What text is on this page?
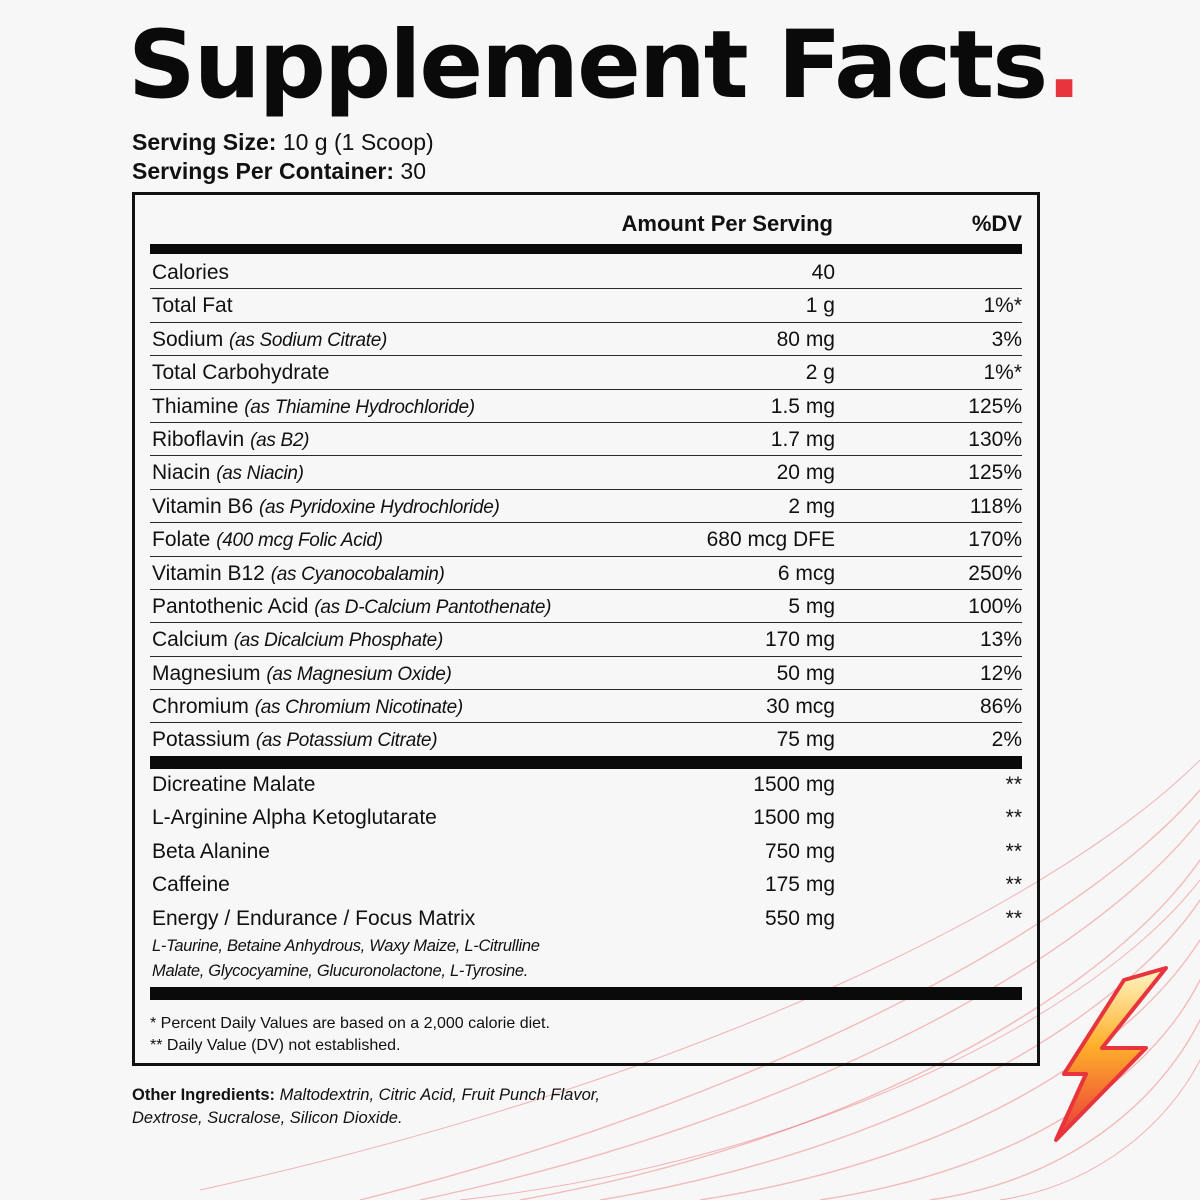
Supplement Facts.
Serving Size: 10 g (1 Scoop)
Servings Per Container: 30
Amount Per Serving	%DV
Calories	40
Total Fat	1 g	1%*
Sodium (as Sodium Citrate)	80 mg	3%
Total Carbohydrate	2 g	1%*
Thiamine (as Thiamine Hydrochloride)	1.5 mg	125%
Riboflavin (as B2)	1.7 mg	130%
Niacin (as Niacin)	20 mg	125%
Vitamin B6 (as Pyridoxine Hydrochloride)	2 mg	118%
Folate (400 mcg Folic Acid)	680 mcg DFE	170%
Vitamin B12 (as Cyanocobalamin)	6 mcg	250%
Pantothenic Acid (as D-Calcium Pantothenate)	5 mg	100%
Calcium (as Dicalcium Phosphate)	170 mg	13%
Magnesium (as Magnesium Oxide)	50 mg	12%
Chromium (as Chromium Nicotinate)	30 mcg	86%
Potassium (as Potassium Citrate)	75 mg	2%
Dicreatine Malate	1500 mg	**
L-Arginine Alpha Ketoglutarate	1500 mg	**
Beta Alanine	750 mg	**
Caffeine	175 mg	**
Energy / Endurance / Focus Matrix	550 mg	**
L-Taurine, Betaine Anhydrous, Waxy Maize, L-Citrulline Malate, Glycocyamine, Glucuronolactone, L-Tyrosine.
* Percent Daily Values are based on a 2,000 calorie diet.
** Daily Value (DV) not established.
Other Ingredients: Maltodextrin, Citric Acid, Fruit Punch Flavor, Dextrose, Sucralose, Silicon Dioxide.
